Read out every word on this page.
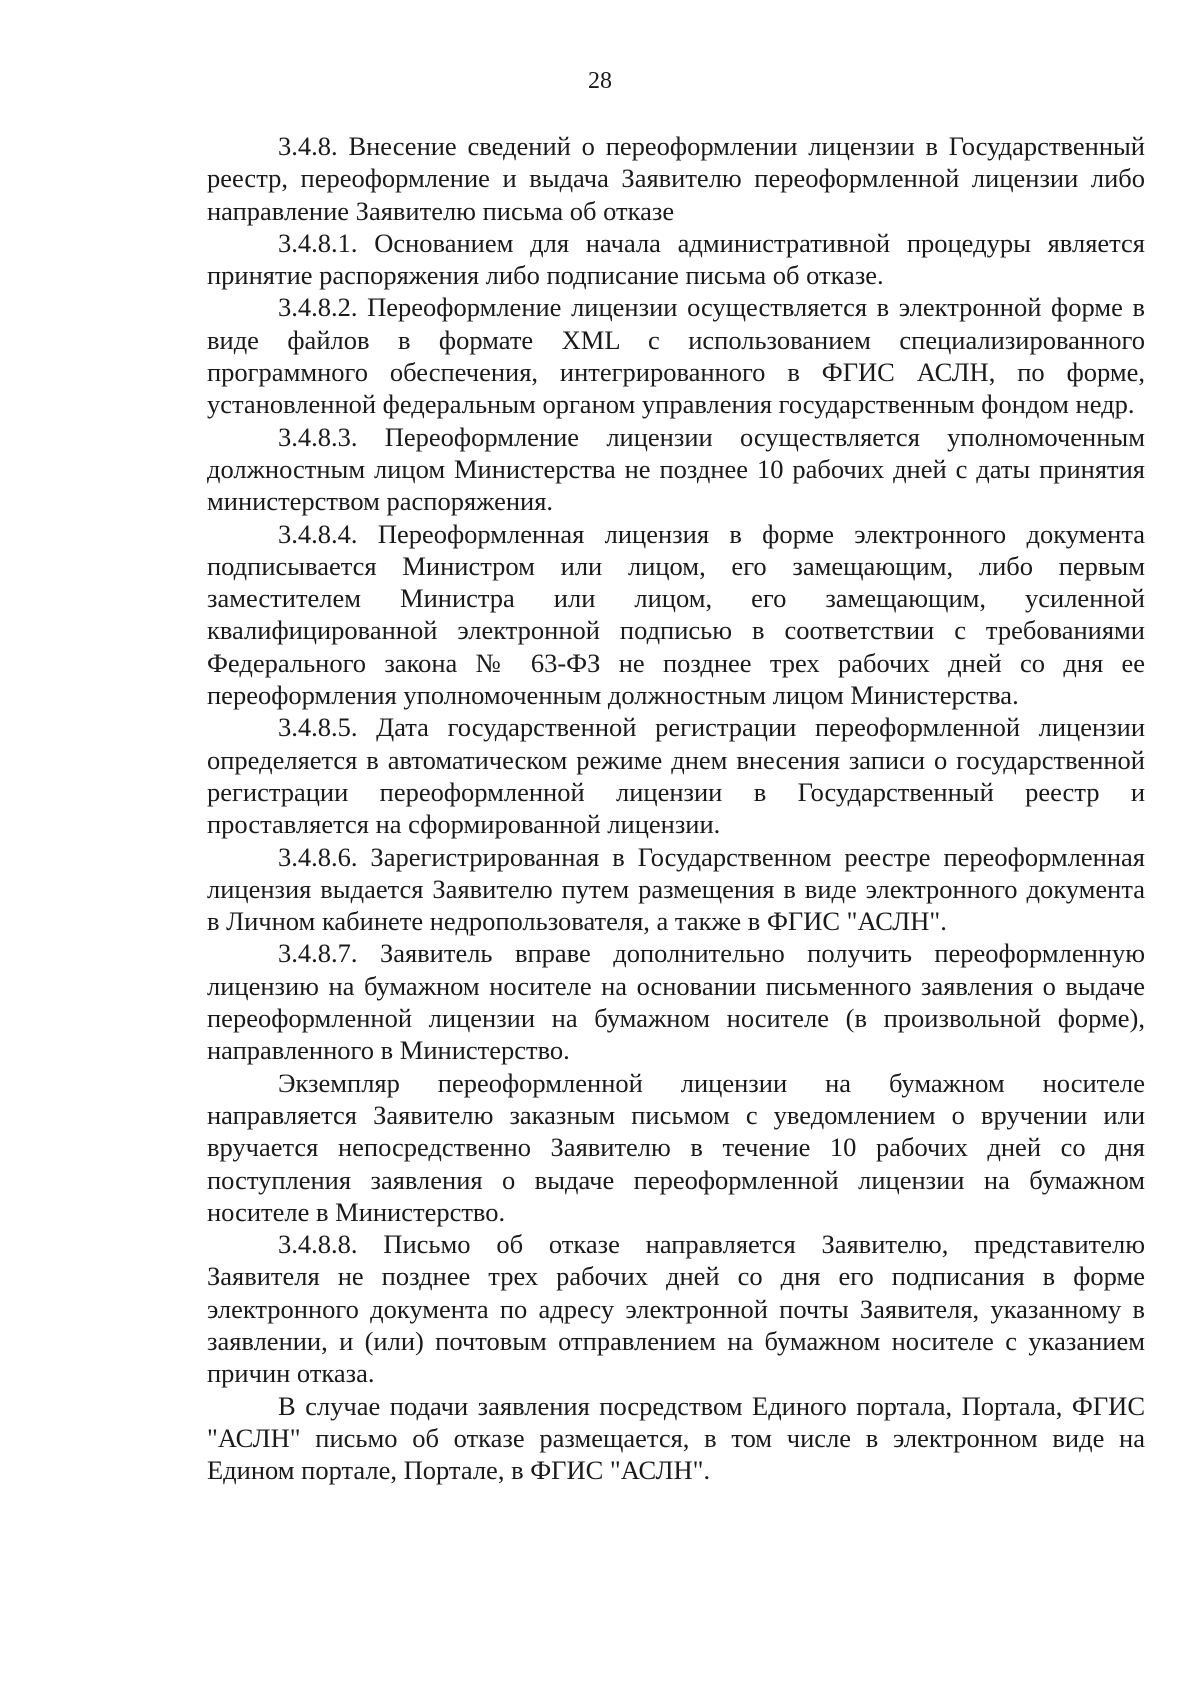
28

3.4.8. Внесение сведений о переоформлении лицензии в Государственный реестр, переоформление и выдача Заявителю переоформленной лицензии либо направление Заявителю письма об отказе

3.4.8.1. Основанием для начала административной процедуры является принятие распоряжения либо подписание письма об отказе.

3.4.8.2. Переоформление лицензии осуществляется в электронной форме в виде файлов в формате XML с использованием специализированного программного обеспечения, интегрированного в ФГИС АСЛН, по форме, установленной федеральным органом управления государственным фондом недр.

3.4.8.3. Переоформление лицензии осуществляется уполномоченным должностным лицом Министерства не позднее 10 рабочих дней с даты принятия министерством распоряжения.

3.4.8.4. Переоформленная лицензия в форме электронного документа подписывается Министром или лицом, его замещающим, либо первым заместителем Министра или лицом, его замещающим, усиленной квалифицированной электронной подписью в соответствии с требованиями Федерального закона № 63-ФЗ не позднее трех рабочих дней со дня ее переоформления уполномоченным должностным лицом Министерства.

3.4.8.5. Дата государственной регистрации переоформленной лицензии определяется в автоматическом режиме днем внесения записи о государственной регистрации переоформленной лицензии в Государственный реестр и проставляется на сформированной лицензии.

3.4.8.6. Зарегистрированная в Государственном реестре переоформленная лицензия выдается Заявителю путем размещения в виде электронного документа в Личном кабинете недропользователя, а также в ФГИС "АСЛН".

3.4.8.7. Заявитель вправе дополнительно получить переоформленную лицензию на бумажном носителе на основании письменного заявления о выдаче переоформленной лицензии на бумажном носителе (в произвольной форме), направленного в Министерство.

Экземпляр переоформленной лицензии на бумажном носителе направляется Заявителю заказным письмом с уведомлением о вручении или вручается непосредственно Заявителю в течение 10 рабочих дней со дня поступления заявления о выдаче переоформленной лицензии на бумажном носителе в Министерство.

3.4.8.8. Письмо об отказе направляется Заявителю, представителю Заявителя не позднее трех рабочих дней со дня его подписания в форме электронного документа по адресу электронной почты Заявителя, указанному в заявлении, и (или) почтовым отправлением на бумажном носителе с указанием причин отказа.

В случае подачи заявления посредством Единого портала, Портала, ФГИС "АСЛН" письмо об отказе размещается, в том числе в электронном виде на Едином портале, Портале, в ФГИС "АСЛН".
